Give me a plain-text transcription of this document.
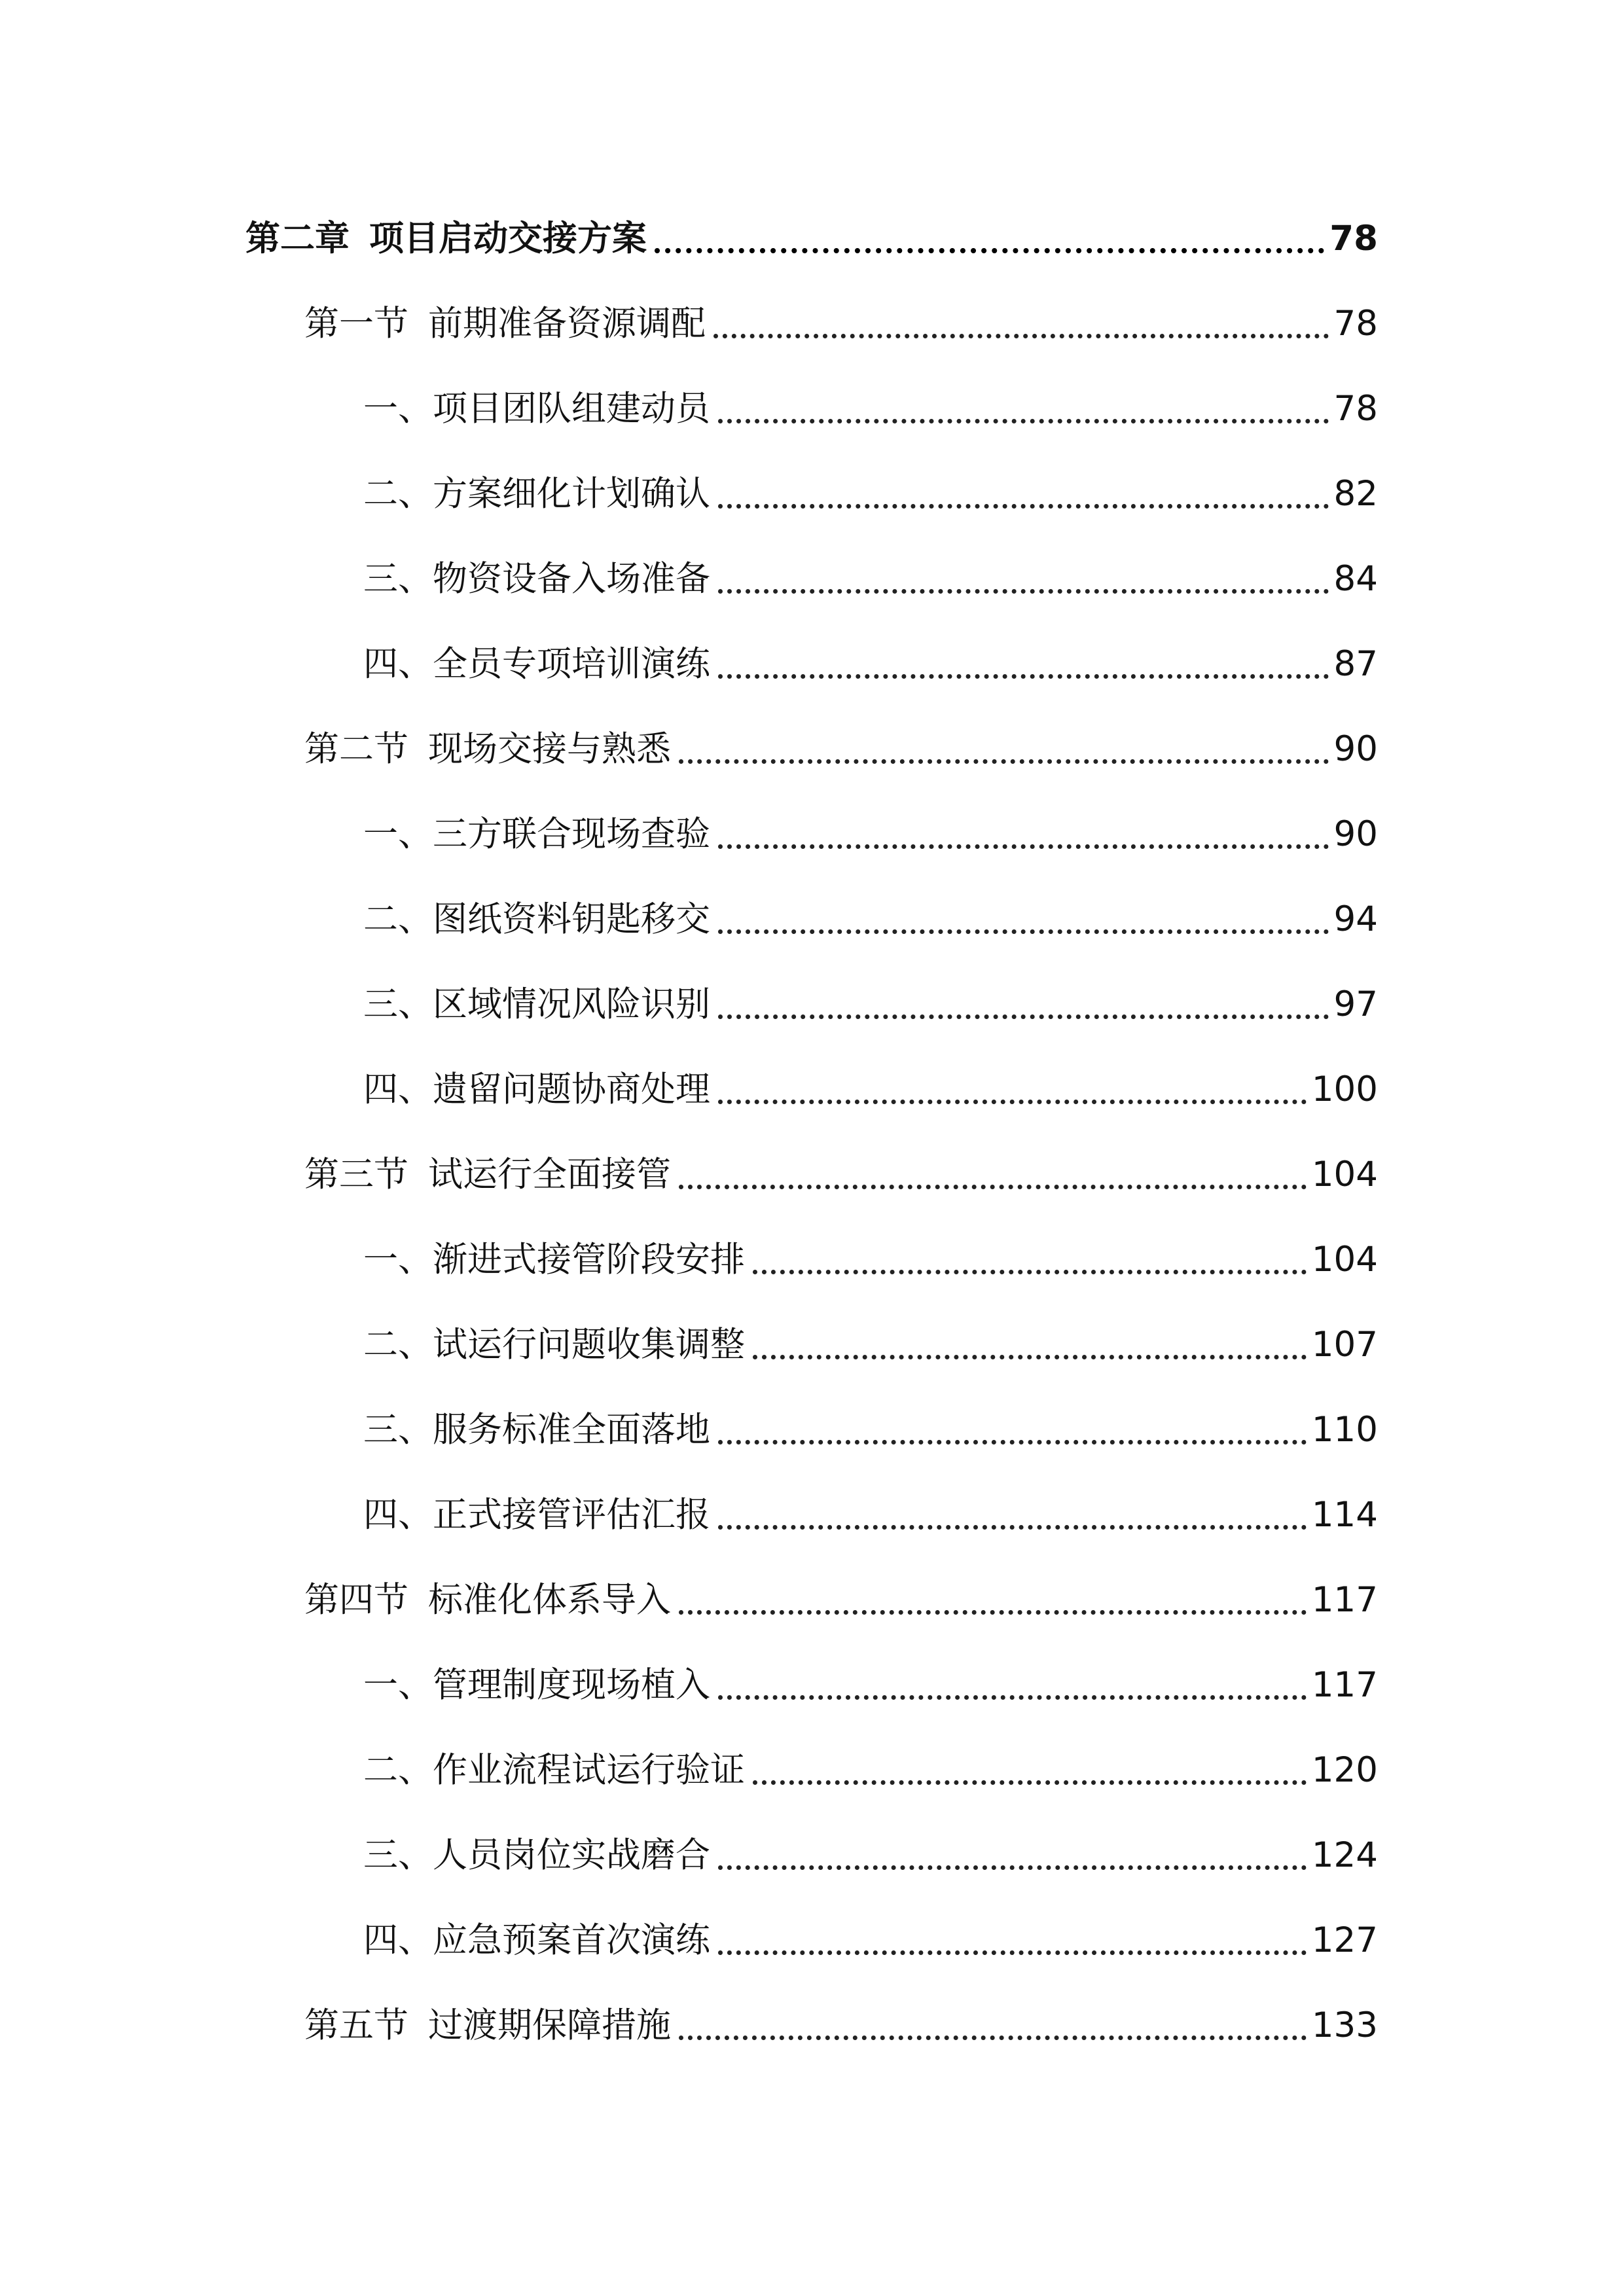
第二章 项目启动交接方案	78
第一节 前期准备资源调配	78
一、 项目团队组建动员	78
二、 方案细化计划确认	82
三、 物资设备入场准备	84
四、 全员专项培训演练	87
第二节 现场交接与熟悉	90
一、 三方联合现场查验	90
二、 图纸资料钥匙移交	94
三、 区域情况风险识别	97
四、 遗留问题协商处理	100
第三节 试运行全面接管	104
一、 渐进式接管阶段安排	104
二、 试运行问题收集调整	107
三、 服务标准全面落地	110
四、 正式接管评估汇报	114
第四节 标准化体系导入	117
一、 管理制度现场植入	117
二、 作业流程试运行验证	120
三、 人员岗位实战磨合	124
四、 应急预案首次演练	127
第五节 过渡期保障措施	133
